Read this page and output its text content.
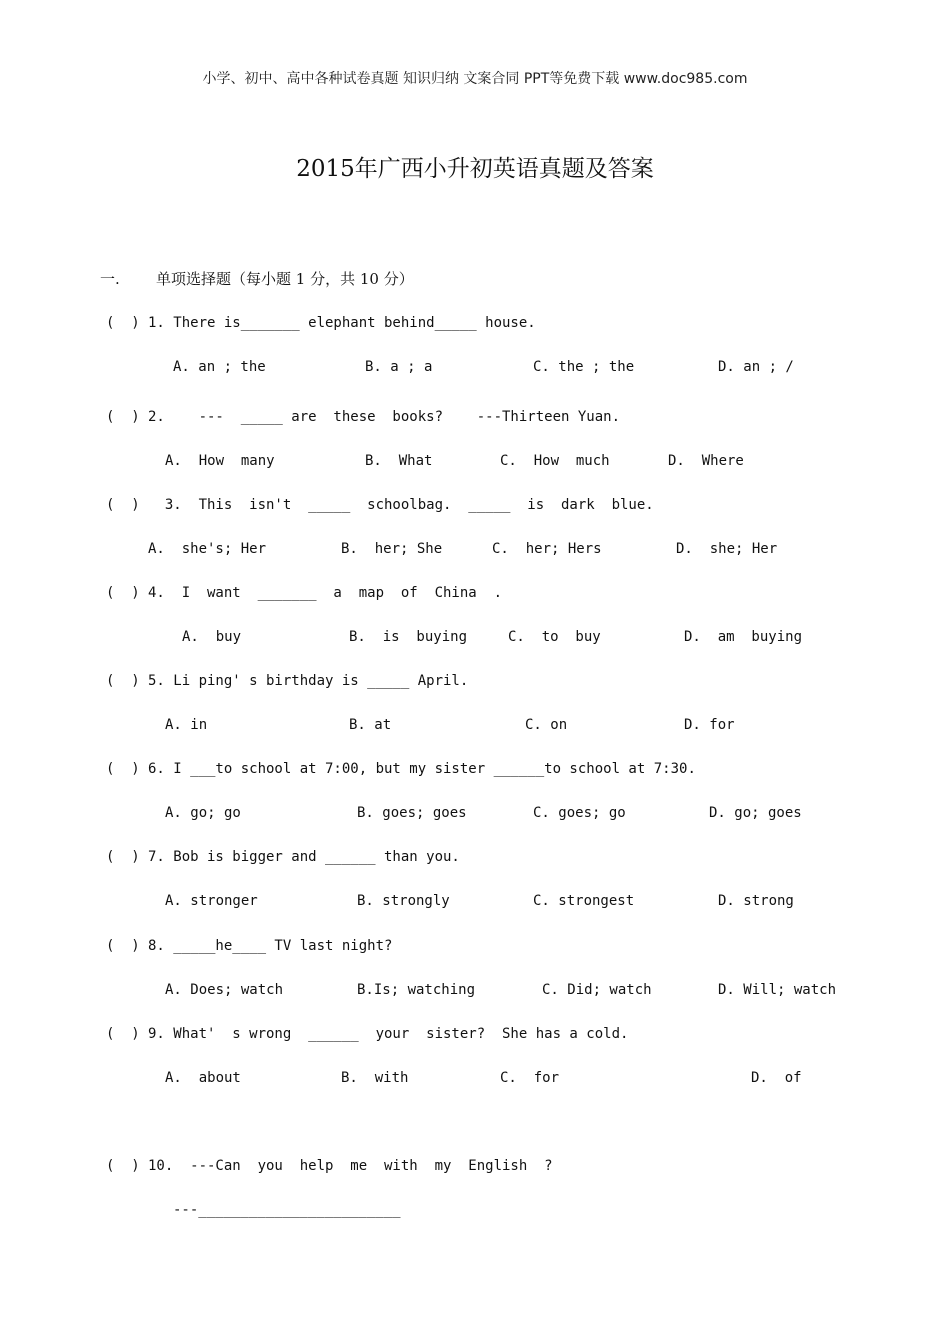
小学、初中、高中各种试卷真题 知识归纳 文案合同 PPT等免费下载 www.doc985.com
2015年广西小升初英语真题及答案
一. 单项选择题（每小题 1 分，共 10 分）
(  ) 1. There is_______ elephant behind_____ house.
A. an ; the	B. a ; a	C. the ; the	D. an ; /
(  ) 2.    ---  _____ are  these  books?    ---Thirteen Yuan.
A.  How  many	B.  What	C.  How  much	D.  Where
(  ) 3.  This  isn't  _____  schoolbag.  _____  is  dark  blue.
A.  she's; Her	B.  her; She	C.  her; Hers	D.  she; Her
(  ) 4.  I  want  _______  a  map  of  China  .
A.  buy	B.  is  buying	C.  to  buy	D.  am  buying
(  ) 5. Li ping' s birthday is _____ April.
A. in	B. at	C. on	D. for
(  ) 6. I ___to school at 7:00, but my sister ______to school at 7:30.
A. go; go	B. goes; goes	C. goes; go	D. go; goes
(  ) 7. Bob is bigger and ______ than you.
A. stronger	B. strongly	C. strongest	D. strong
(  ) 8. _____he____ TV last night?
A. Does; watch	B.Is; watching	C. Did; watch	D. Will; watch
(  ) 9. What'  s wrong  ______  your  sister?  She has a cold.
A.  about	B.  with	C.  for	D.  of
(  ) 10.  ---Can  you  help  me  with  my  English  ?
---________________________
